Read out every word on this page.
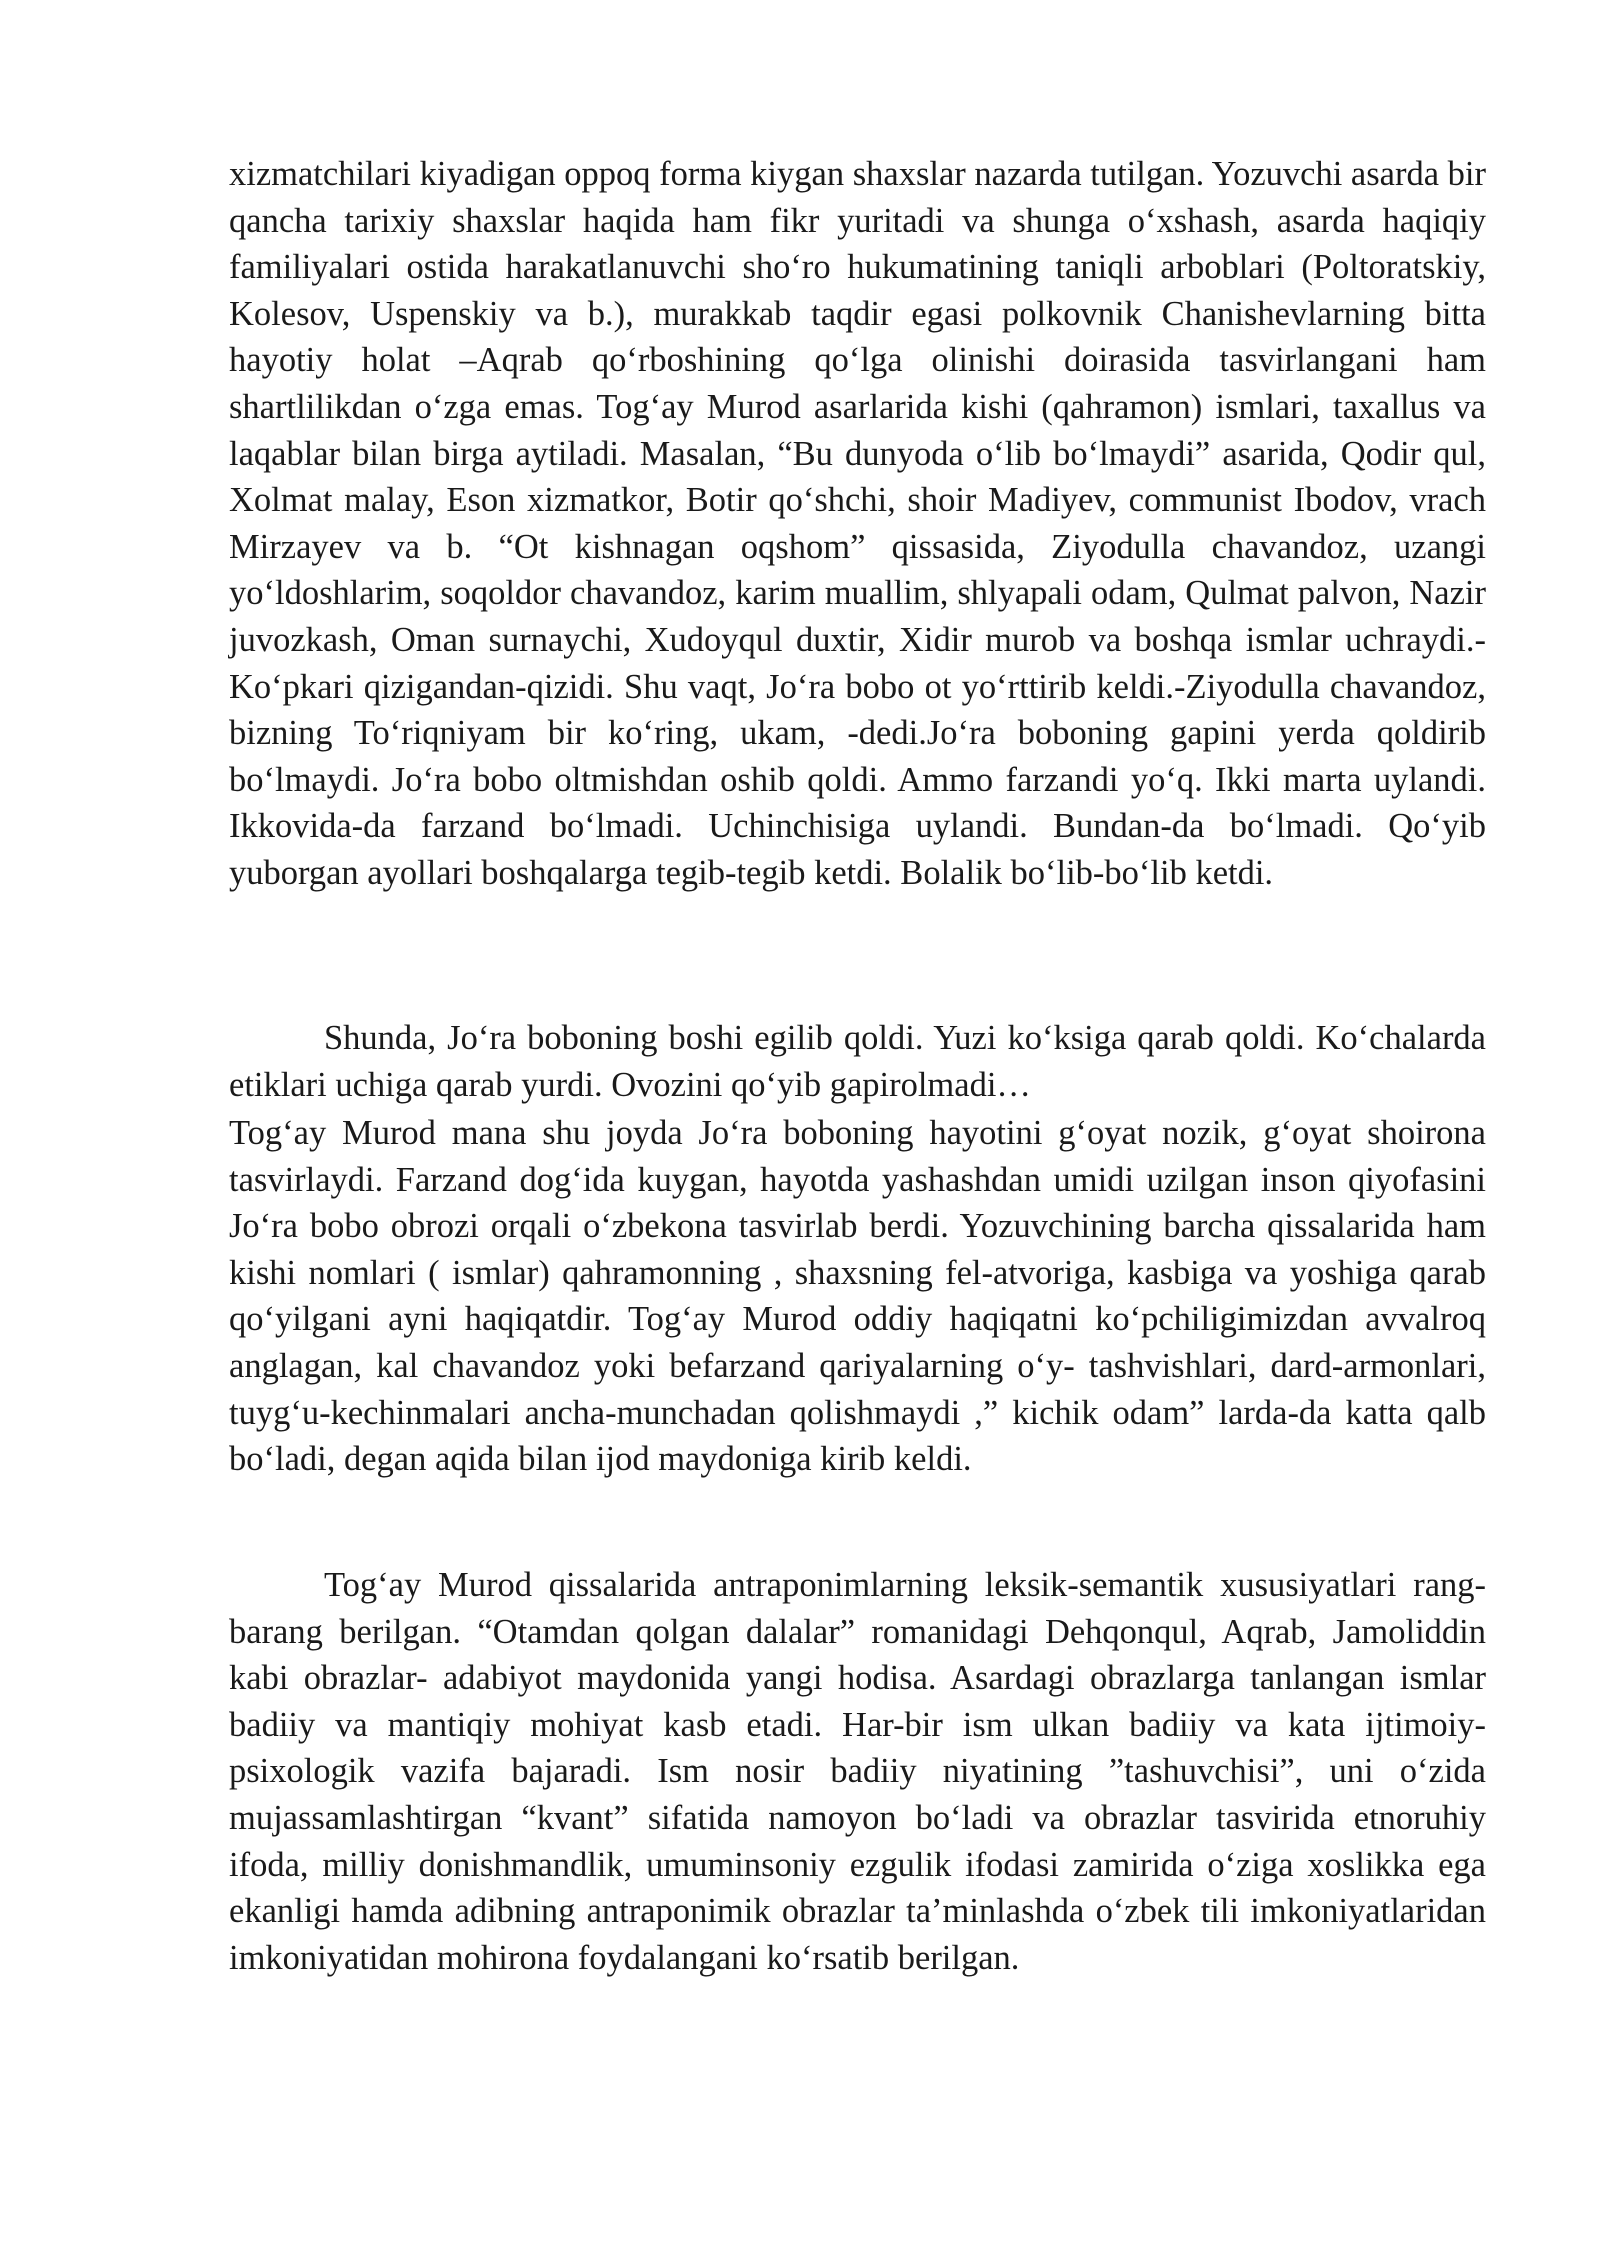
xizmatchilari kiyadigan oppoq forma kiygan shaxslar nazarda tutilgan. Yozuvchi asarda bir qancha tarixiy shaxslar haqida ham fikr yuritadi va shunga o‘xshash, asarda haqiqiy familiyalari ostida harakatlanuvchi sho‘ro hukumatining taniqli arboblari (Poltoratskiy, Kolesov, Uspenskiy va b.), murakkab taqdir egasi polkovnik Chanishevlarning bitta hayotiy holat –Aqrab qo‘rboshining qo‘lga olinishi doirasida tasvirlangani ham shartlilikdan o‘zga emas. Tog‘ay Murod asarlarida kishi (qahramon) ismlari, taxallus va laqablar bilan birga aytiladi. Masalan, “Bu dunyoda o‘lib bo‘lmaydi” asarida, Qodir qul, Xolmat malay, Eson xizmatkor, Botir qo‘shchi, shoir Madiyev, communist Ibodov, vrach Mirzayev va b. “Ot kishnagan oqshom” qissasida, Ziyodulla chavandoz, uzangi yo‘ldoshlarim, soqoldor chavandoz, karim muallim, shlyapali odam, Qulmat palvon, Nazir juvozkash, Oman surnaychi, Xudoyqul duxtir, Xidir murob va boshqa ismlar uchraydi.-Ko‘pkari qizigandan-qizidi. Shu vaqt, Jo‘ra bobo ot yo‘rttirib keldi.-Ziyodulla chavandoz, bizning To‘riqniyam bir ko‘ring, ukam, -dedi.Jo‘ra boboning gapini yerda qoldirib bo‘lmaydi. Jo‘ra bobo oltmishdan oshib qoldi. Ammo farzandi yo‘q. Ikki marta uylandi. Ikkovida-da farzand bo‘lmadi. Uchinchisiga uylandi. Bundan-da bo‘lmadi. Qo‘yib yuborgan ayollari boshqalarga tegib-tegib ketdi. Bolalik bo‘lib-bo‘lib ketdi.

Shunda, Jo‘ra boboning boshi egilib qoldi. Yuzi ko‘ksiga qarab qoldi. Ko‘chalarda etiklari uchiga qarab yurdi. Ovozini qo‘yib gapirolmadi…

Tog‘ay Murod mana shu joyda Jo‘ra boboning hayotini g‘oyat nozik, g‘oyat shoirona tasvirlaydi. Farzand dog‘ida kuygan, hayotda yashashdan umidi uzilgan inson qiyofasini Jo‘ra bobo obrozi orqali o‘zbekona tasvirlab berdi. Yozuvchining barcha qissalarida ham kishi nomlari ( ismlar) qahramonning , shaxsning fel-atvoriga, kasbiga va yoshiga qarab qo‘yilgani ayni haqiqatdir. Tog‘ay Murod oddiy haqiqatni ko‘pchiligimizdan avvalroq anglagan, kal chavandoz yoki befarzand qariyalarning o‘y- tashvishlari, dard-armonlari, tuyg‘u-kechinmalari ancha-munchadan qolishmaydi ,” kichik odam” larda-da katta qalb bo‘ladi, degan aqida bilan ijod maydoniga kirib keldi.

Tog‘ay Murod qissalarida antraponimlarning leksik-semantik xususiyatlari rang-barang berilgan. “Otamdan qolgan dalalar” romanidagi Dehqonqul, Aqrab, Jamoliddin kabi obrazlar- adabiyot maydonida yangi hodisa. Asardagi obrazlarga tanlangan ismlar badiiy va mantiqiy mohiyat kasb etadi. Har-bir ism ulkan badiiy va kata ijtimoiy-psixologik vazifa bajaradi. Ism nosir badiiy niyatining ”tashuvchisi”, uni o‘zida mujassamlashtirgan “kvant” sifatida namoyon bo‘ladi va obrazlar tasvirida etnoruhiy ifoda, milliy donishmandlik, umuminsoniy ezgulik ifodasi zamirida o‘ziga xoslikka ega ekanligi hamda adibning antraponimik obrazlar ta’minlashda o‘zbek tili imkoniyatlaridan imkoniyatidan mohirona foydalangani ko‘rsatib berilgan.
